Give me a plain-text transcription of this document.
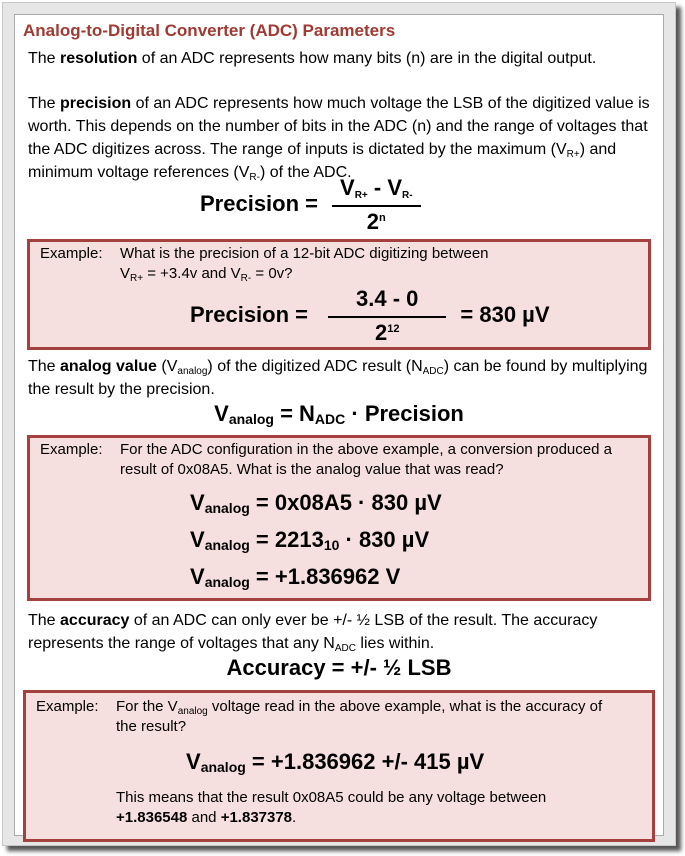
Analog-to-Digital Converter (ADC) Parameters
The resolution of an ADC represents how many bits (n) are in the digital output.
The precision of an ADC represents how much voltage the LSB of the digitized value is worth. This depends on the number of bits in the ADC (n) and the range of voltages that the ADC digitizes across. The range of inputs is dictated by the maximum $(V_{R+})$ and minimum voltage references $(V_{R-})$ of the ADC.
Precision = $\frac{V_{R+} - V_{R-}}{2^n}$
Example: What is the precision of a 12-bit ADC digitizing between
$V_{R+} = +3.4v$ and $V_{R-} = 0v$?
Precision = $\frac{3.4 - 0}{2^{12}} = 830$ µV
The analog value $(V_{analog})$ of the digitized ADC result $(N_{ADC})$ can be found by multiplying the result by the precision.
$V_{analog} = N_{ADC}$ · Precision
Example: For the ADC configuration in the above example, a conversion produced a result of 0x08A5. What is the analog value that was read?
$V_{analog} = 0x08A5 \cdot 830$ µV
$V_{analog} = 2213_{10} \cdot 830$ µV
$V_{analog} = +1.836962$ V
The accuracy of an ADC can only ever be +/- ½ LSB of the result. The accuracy represents the range of voltages that any $N_{ADC}$ lies within.
Accuracy = +/- ½ LSB
Example: For the $V_{analog}$ voltage read in the above example, what is the accuracy of the result?
$V_{analog} = +1.836962$ +/- 415 µV
This means that the result 0x08A5 could be any voltage between +1.836548 and +1.837378.
